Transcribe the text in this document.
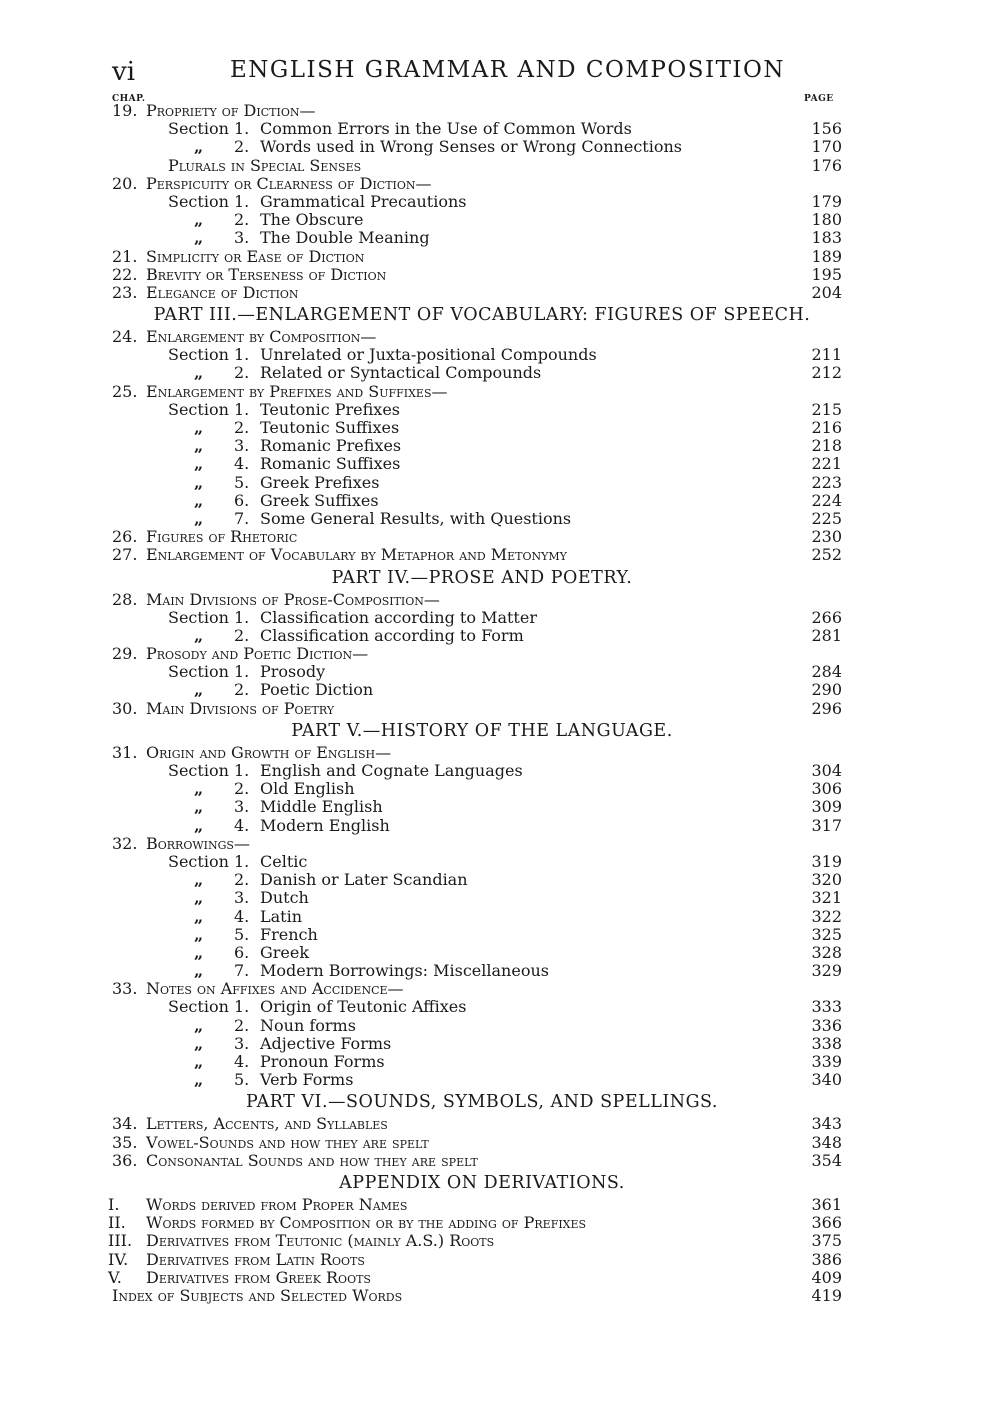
vi	ENGLISH GRAMMAR AND COMPOSITION
CHAP.	PAGE
19. Propriety of Diction—
Section 1. Common Errors in the Use of Common Words	156
„ 2. Words used in Wrong Senses or Wrong Connections	170
Plurals in Special Senses	176
20. Perspicuity or Clearness of Diction—
Section 1. Grammatical Precautions	179
„ 2. The Obscure	180
„ 3. The Double Meaning	183
21. Simplicity or Ease of Diction	189
22. Brevity or Terseness of Diction	195
23. Elegance of Diction	204
PART III.—ENLARGEMENT OF VOCABULARY: FIGURES OF SPEECH.
24. Enlargement by Composition—
Section 1. Unrelated or Juxta-positional Compounds	211
„ 2. Related or Syntactical Compounds	212
25. Enlargement by Prefixes and Suffixes—
Section 1. Teutonic Prefixes	215
„ 2. Teutonic Suffixes	216
„ 3. Romanic Prefixes	218
„ 4. Romanic Suffixes	221
„ 5. Greek Prefixes	223
„ 6. Greek Suffixes	224
„ 7. Some General Results, with Questions	225
26. Figures of Rhetoric	230
27. Enlargement of Vocabulary by Metaphor and Metonymy	252
PART IV.—PROSE AND POETRY.
28. Main Divisions of Prose-Composition—
Section 1. Classification according to Matter	266
„ 2. Classification according to Form	281
29. Prosody and Poetic Diction—
Section 1. Prosody	284
„ 2. Poetic Diction	290
30. Main Divisions of Poetry	296
PART V.—HISTORY OF THE LANGUAGE.
31. Origin and Growth of English—
Section 1. English and Cognate Languages	304
„ 2. Old English	306
„ 3. Middle English	309
„ 4. Modern English	317
32. Borrowings—
Section 1. Celtic	319
„ 2. Danish or Later Scandian	320
„ 3. Dutch	321
„ 4. Latin	322
„ 5. French	325
„ 6. Greek	328
„ 7. Modern Borrowings: Miscellaneous	329
33. Notes on Affixes and Accidence—
Section 1. Origin of Teutonic Affixes	333
„ 2. Noun forms	336
„ 3. Adjective Forms	338
„ 4. Pronoun Forms	339
„ 5. Verb Forms	340
PART VI.—SOUNDS, SYMBOLS, AND SPELLINGS.
34. Letters, Accents, and Syllables	343
35. Vowel-Sounds and how they are spelt	348
36. Consonantal Sounds and how they are spelt	354
APPENDIX ON DERIVATIONS.
I. Words derived from Proper Names	361
II. Words formed by Composition or by the adding of Prefixes	366
III. Derivatives from Teutonic (mainly A.S.) Roots	375
IV. Derivatives from Latin Roots	386
V. Derivatives from Greek Roots	409
Index of Subjects and Selected Words	419
